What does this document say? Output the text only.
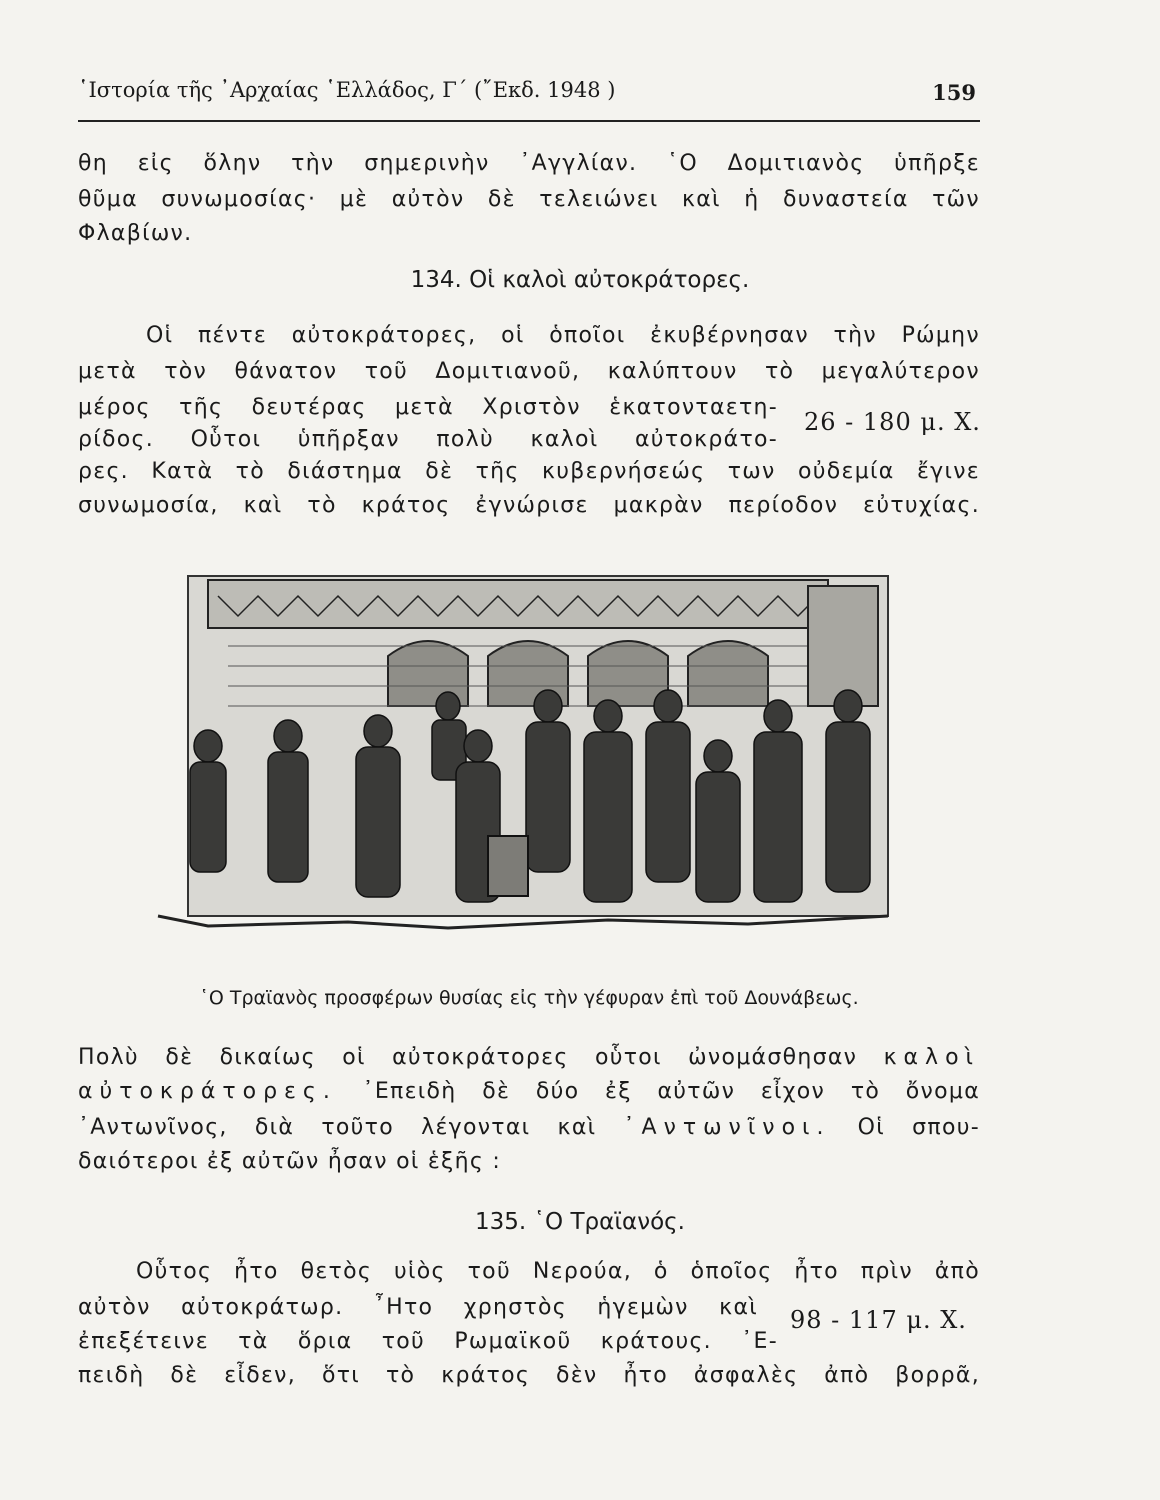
῾Ιστορία τῆς ᾿Αρχαίας ῾Ελλάδος, Γ΄ (῎Εκδ. 1948 )	159
θη εἰς ὅλην τὴν σημερινὴν ᾿Αγγλίαν. ῾Ο Δομιτιανὸς ὑπῆρξε
θῦμα συνωμοσίας· μὲ αὐτὸν δὲ τελειώνει καὶ ἡ δυναστεία τῶν
Φλαβίων.
134. Οἱ καλοὶ αὐτοκράτορες.
Οἱ πέντε αὐτοκράτορες, οἱ ὁποῖοι ἐκυβέρνησαν τὴν Ρώμην
μετὰ τὸν θάνατον τοῦ Δομιτιανοῦ, καλύπτουν τὸ μεγαλύτερον
μέρος τῆς δευτέρας μετὰ Χριστὸν ἑκατονταετη-
ρίδος. Οὗτοι ὑπῆρξαν πολὺ καλοὶ αὐτοκράτο-
26 - 180 μ. Χ.
ρες. Κατὰ τὸ διάστημα δὲ τῆς κυβερνήσεώς των οὐδεμία ἔγινε
συνωμοσία, καὶ τὸ κράτος ἐγνώρισε μακρὰν περίοδον εὐτυχίας.
῾Ο Τραϊανὸς προσφέρων θυσίας εἰς τὴν γέφυραν ἐπὶ τοῦ Δουνάβεως.
Πολὺ δὲ δικαίως οἱ αὐτοκράτορες οὗτοι ὠνομάσθησαν καλοὶ
αὐτοκράτορες. ᾿Επειδὴ δὲ δύο ἐξ αὐτῶν εἶχον τὸ ὄνομα
᾿Αντωνῖνος, διὰ τοῦτο λέγονται καὶ ᾿Αντωνῖνοι. Οἱ σπου-
δαιότεροι ἐξ αὐτῶν ἦσαν οἱ ἑξῆς :
135. ῾Ο Τραϊανός.
Οὗτος ἦτο θετὸς υἱὸς τοῦ Νερούα, ὁ ὁποῖος ἦτο πρὶν ἀπὸ
αὐτὸν αὐτοκράτωρ. ῏Ητο χρηστὸς ἡγεμὼν καὶ
ἐπεξέτεινε τὰ ὅρια τοῦ Ρωμαϊκοῦ κράτους. ᾿Ε-
98 - 117 μ. Χ.
πειδὴ δὲ εἶδεν, ὅτι τὸ κράτος δὲν ἦτο ἀσφαλὲς ἀπὸ βορρᾶ,
